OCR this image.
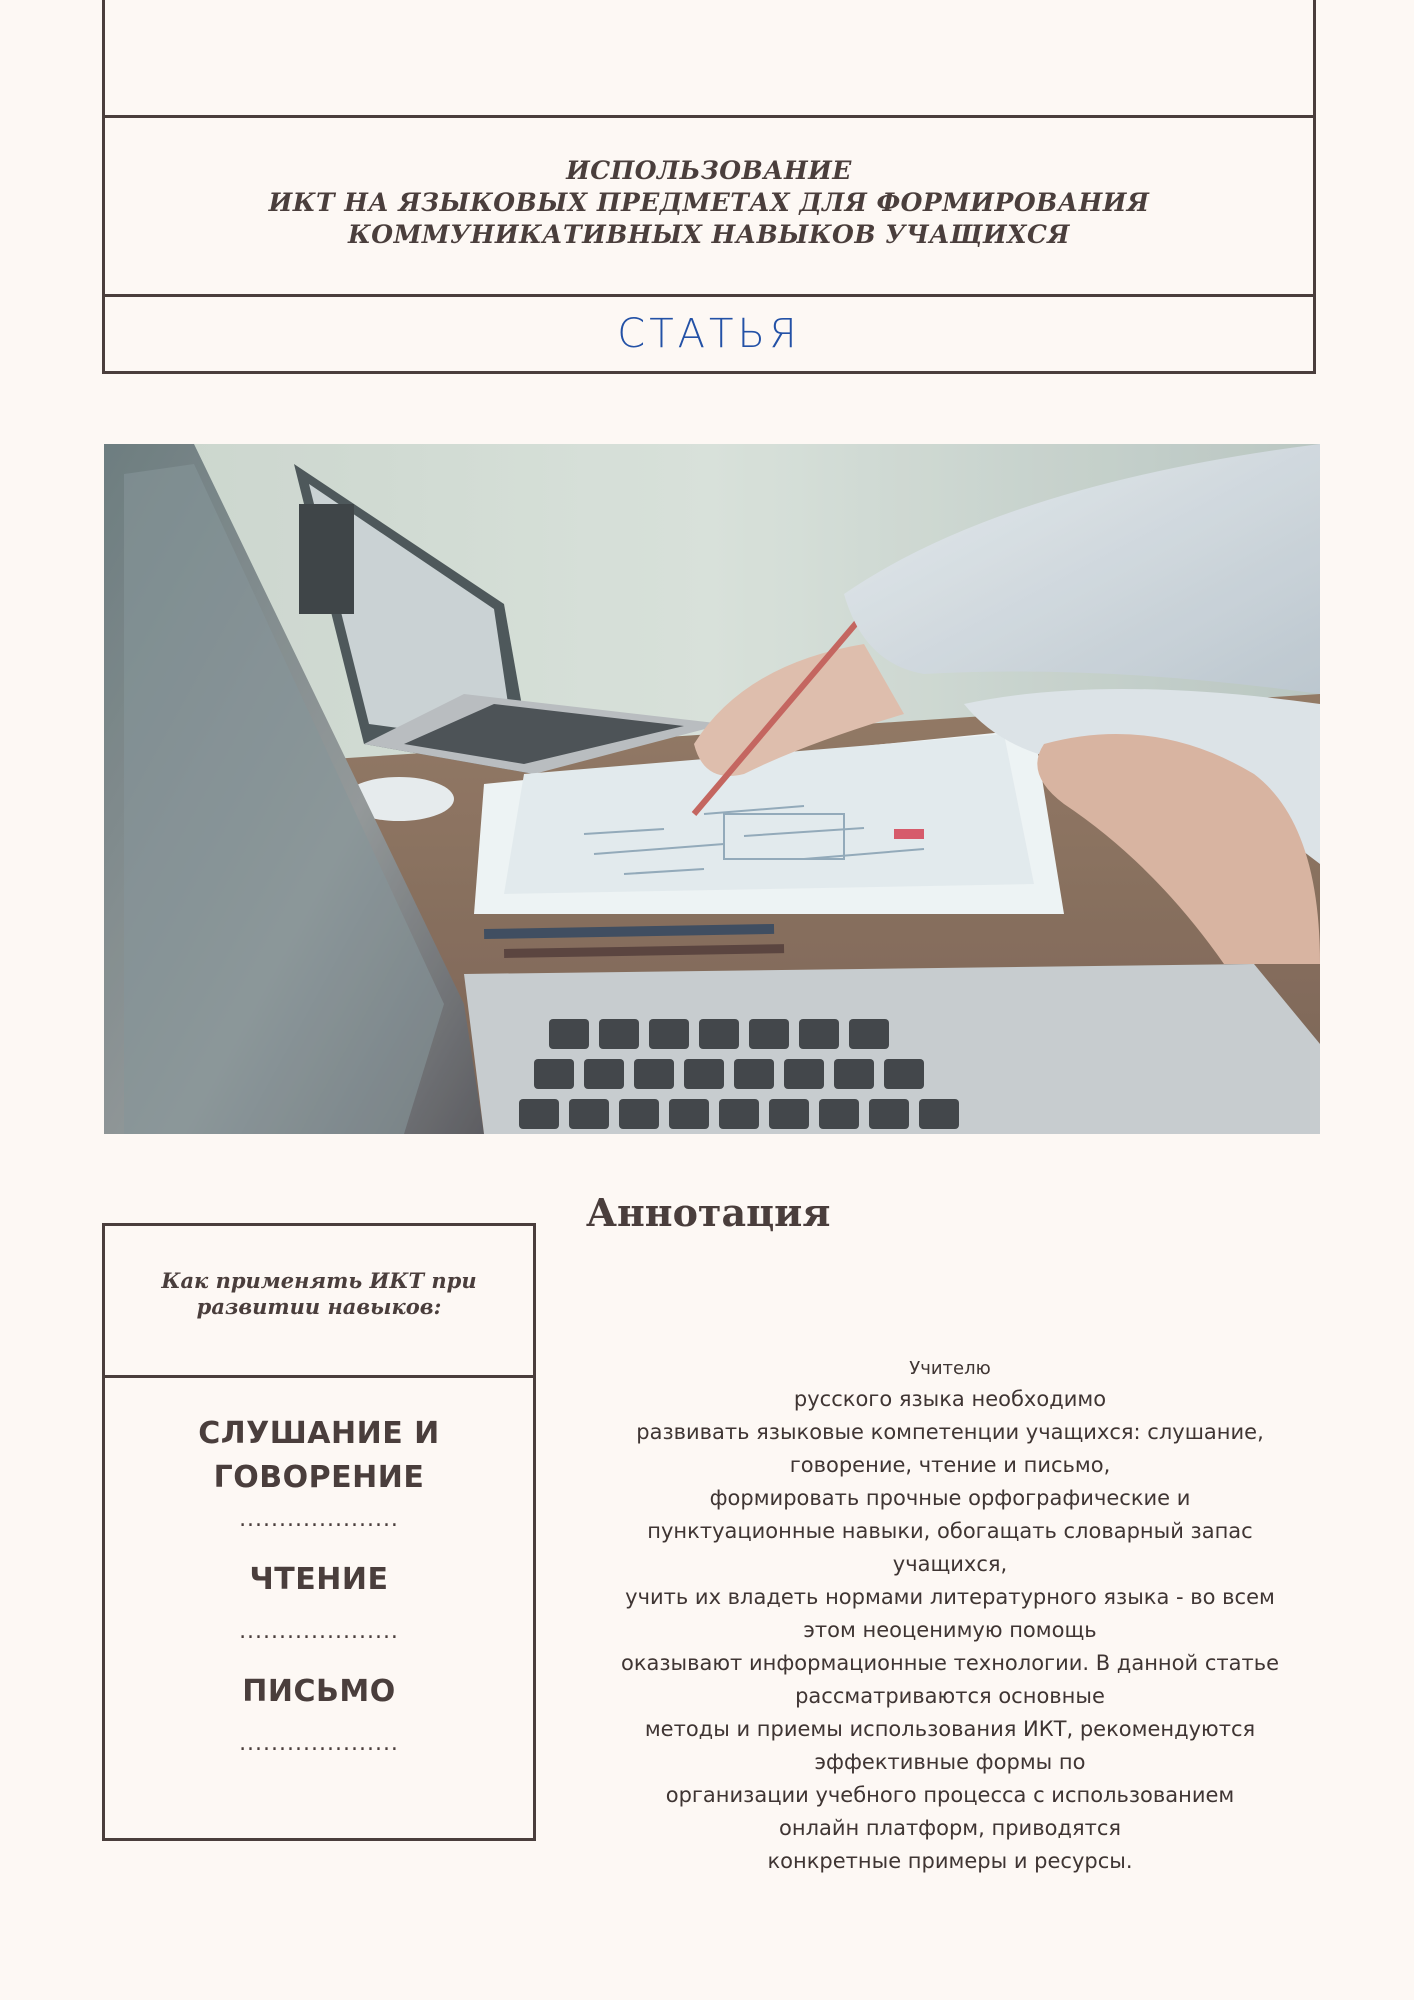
ИСПОЛЬЗОВАНИЕ
ИКТ НА ЯЗЫКОВЫХ ПРЕДМЕТАХ ДЛЯ ФОРМИРОВАНИЯ
КОММУНИКАТИВНЫХ НАВЫКОВ УЧАЩИХСЯ
СТАТЬЯ
Как применять ИКТ при развитии навыков:
СЛУШАНИЕ И
ГОВОРЕНИЕ
....................
ЧТЕНИЕ
....................
ПИСЬМО
....................
Аннотация
Учителю
русского языка необходимо
развивать языковые компетенции учащихся: слушание,
говорение, чтение и письмо,
формировать прочные орфографические и
пунктуационные навыки, обогащать словарный запас
учащихся,
учить их владеть нормами литературного языка - во всем
этом неоценимую помощь
оказывают информационные технологии. В данной статье
рассматриваются основные
методы и приемы использования ИКТ, рекомендуются
эффективные формы по
организации учебного процесса с использованием
онлайн платформ, приводятся
конкретные примеры и ресурсы.
